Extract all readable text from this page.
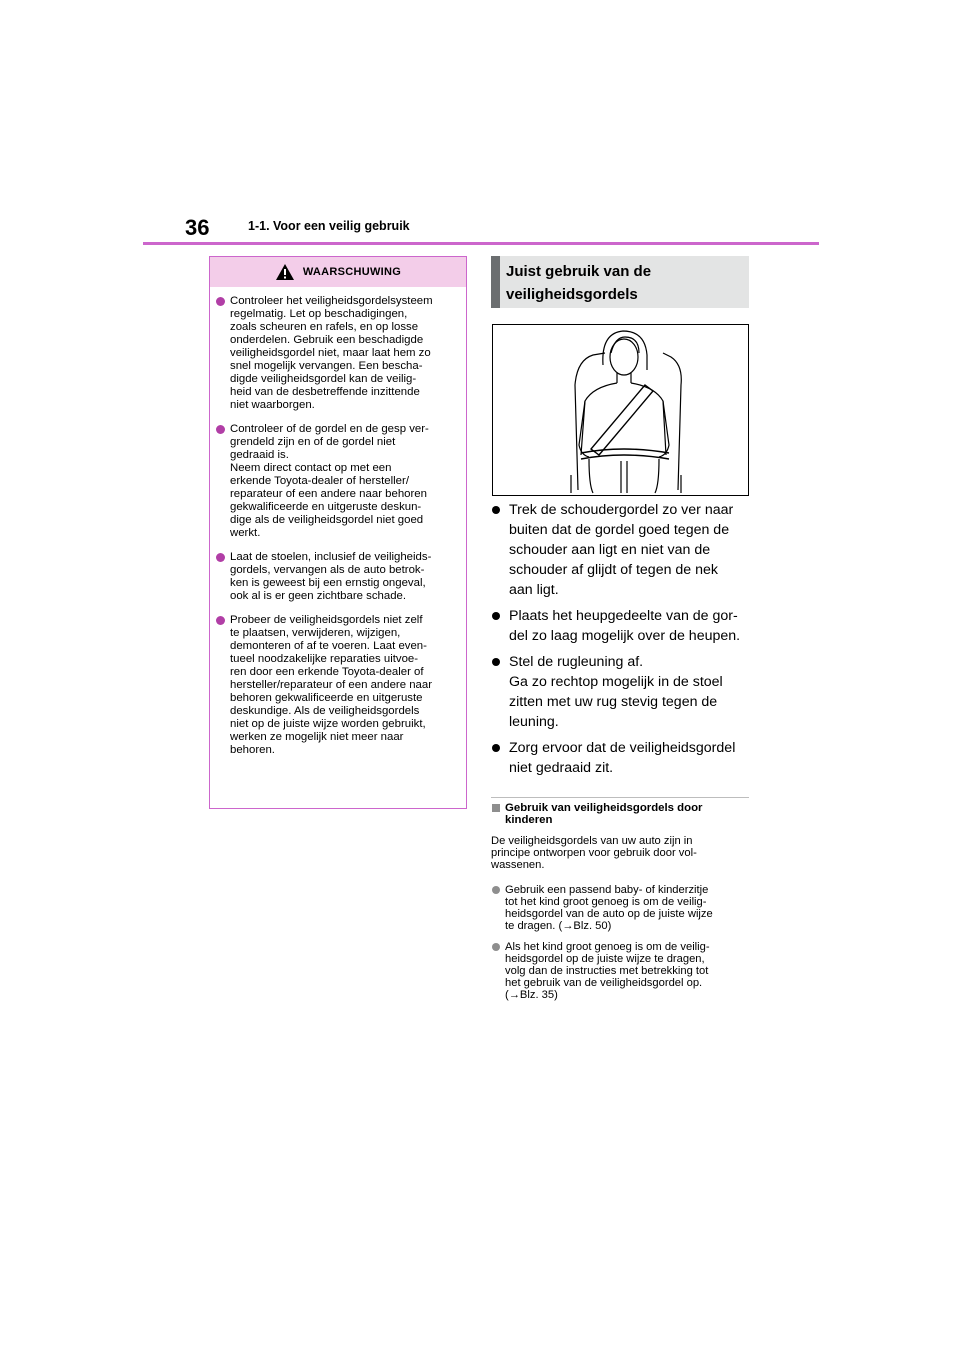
36	1-1. Voor een veilig gebruik
WAARSCHUWING
Controleer het veiligheidsgordelsysteem
regelmatig. Let op beschadigingen,
zoals scheuren en rafels, en op losse
onderdelen. Gebruik een beschadigde
veiligheidsgordel niet, maar laat hem zo
snel mogelijk vervangen. Een bescha-
digde veiligheidsgordel kan de veilig-
heid van de desbetreffende inzittende
niet waarborgen.
Controleer of de gordel en de gesp ver-
grendeld zijn en of de gordel niet
gedraaid is.
Neem direct contact op met een
erkende Toyota-dealer of hersteller/
reparateur of een andere naar behoren
gekwalificeerde en uitgeruste deskun-
dige als de veiligheidsgordel niet goed
werkt.
Laat de stoelen, inclusief de veiligheids-
gordels, vervangen als de auto betrok-
ken is geweest bij een ernstig ongeval,
ook al is er geen zichtbare schade.
Probeer de veiligheidsgordels niet zelf
te plaatsen, verwijderen, wijzigen,
demonteren of af te voeren. Laat even-
tueel noodzakelijke reparaties uitvoe-
ren door een erkende Toyota-dealer of
hersteller/reparateur of een andere naar
behoren gekwalificeerde en uitgeruste
deskundige. Als de veiligheidsgordels
niet op de juiste wijze worden gebruikt,
werken ze mogelijk niet meer naar
behoren.
Juist gebruik van de
veiligheidsgordels
Trek de schoudergordel zo ver naar
buiten dat de gordel goed tegen de
schouder aan ligt en niet van de
schouder af glijdt of tegen de nek
aan ligt.
Plaats het heupgedeelte van de gor-
del zo laag mogelijk over de heupen.
Stel de rugleuning af.
Ga zo rechtop mogelijk in de stoel
zitten met uw rug stevig tegen de
leuning.
Zorg ervoor dat de veiligheidsgordel
niet gedraaid zit.
Gebruik van veiligheidsgordels door
kinderen
De veiligheidsgordels van uw auto zijn in
principe ontworpen voor gebruik door vol-
wassenen.
Gebruik een passend baby- of kinderzitje
tot het kind groot genoeg is om de veilig-
heidsgordel van de auto op de juiste wijze
te dragen. (→Blz. 50)
Als het kind groot genoeg is om de veilig-
heidsgordel op de juiste wijze te dragen,
volg dan de instructies met betrekking tot
het gebruik van de veiligheidsgordel op.
(→Blz. 35)
